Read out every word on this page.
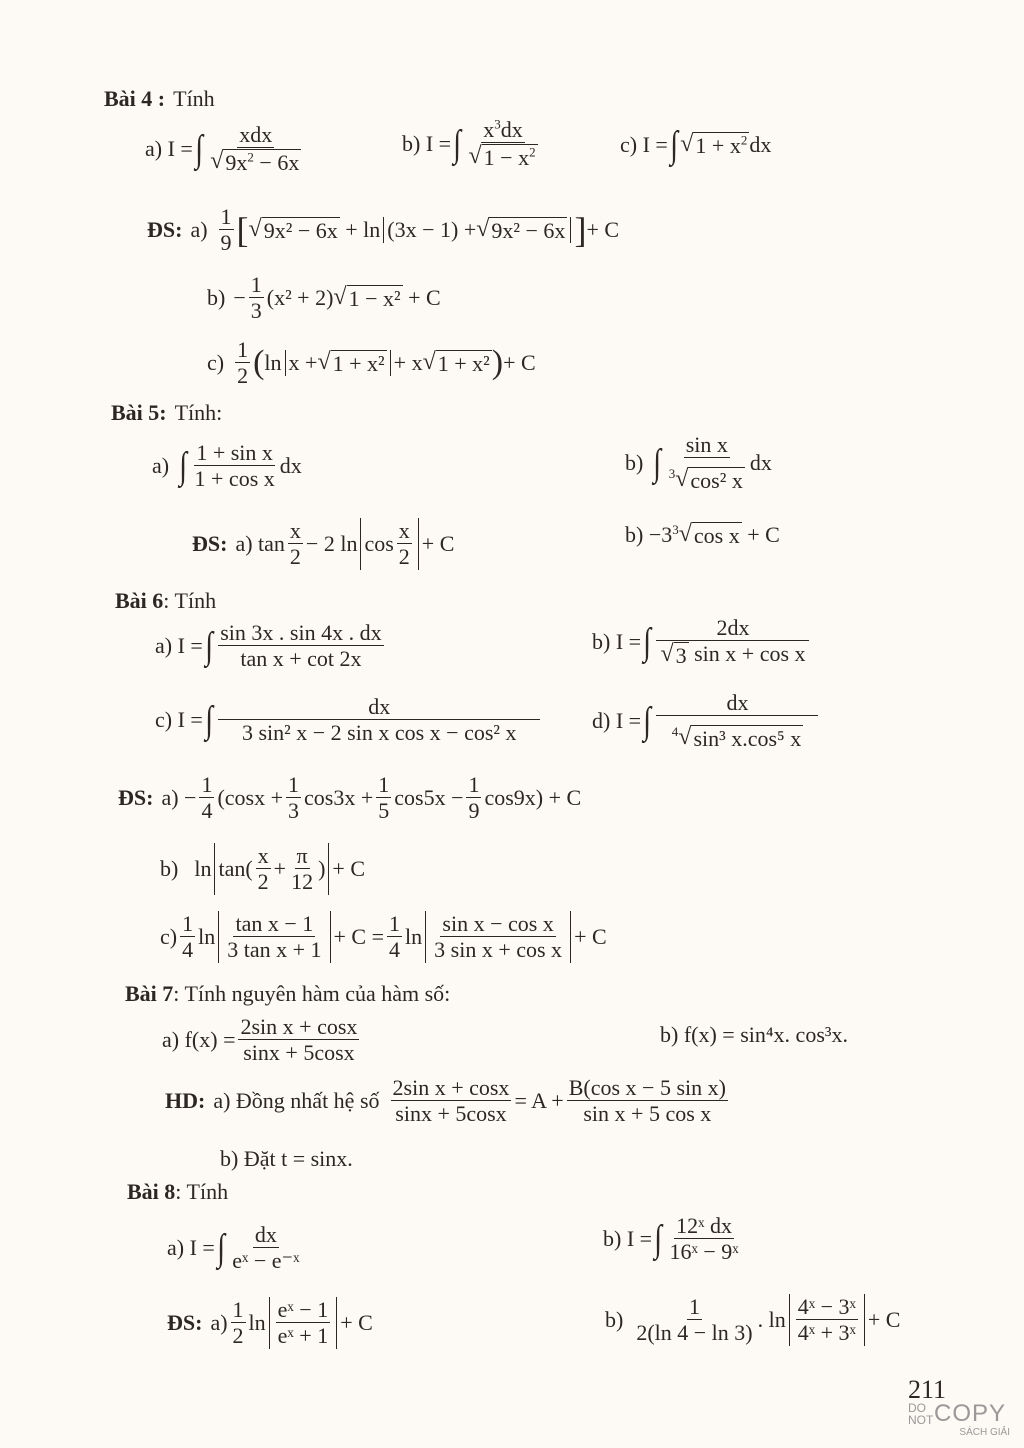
Bài 4 : Tính
a) I = ∫ xdx
√ $9x^2 - 6x$
b) I = ∫ $\frac{x^3dx}{√ 1 - x^2}$	c) I = ∫ √ $1 + x^2$ dx
ĐS: $a) \frac{1}{9}$ [ √ 9x² − 6x + ln (3x − 1) + √ 9x² − 6x ] + C
$b) - \frac{1}{3} (x^2 + 2)$ √ 1 − x²
+ C
$c) \frac{1}{2}$ ( ln x + √ 1 + x² + x √ 1 + x² ) + C
Bài 5: Tính:
a) ∫ $\frac{\text{1 + sin x}}{\text{1 + cos x}}$ dx	b) ∫ $\frac{\text{sin x}}{\text{3 √ cos² x}}$ dx
ĐS: a) $\tan \frac{x}{2} - 2$ $\ln \cos \frac{x}{2} + C$	b) −3 3 √ cos x
+ C
Bài 6 : Tính
a) I = ∫ $\frac{\sin 3x . \sin 4x . dx}{\text{tan x + cot 2x}}$	b) I = ∫ $\frac{2dx}{\text{√ 3 sin x + cos x}}$
c) I = ∫ $\frac{dx}{\text{3 sin² x − 2 sin x cos x − cos² x}} d$) I = ∫ $\frac{dx}{\text{4 √ sin³ x.cos⁵ x}}$
ĐS: $a) - \frac{1}{4} (\cos x + \frac{1}{3} \cos 3x + \frac{1}{5} \cos 5x - \frac{1}{9} \cos 9x) + C$
b) $\ln \tan( \frac{x}{2} + \frac{\pi}{12}$ ) + C
$c) \frac{1}{4}$ $\ln \frac{\text{tan x − 1}}{\text{3 tan x + 1}} + C = \frac{1}{4}$ $\ln \frac{\text{sin x − cos x}}{\text{3 sin x + cos x}} + C$
Bài 7 : Tính nguyên hàm của hàm số:
a) $f(x) = \frac{\text{2sin x + cosx}}{\sin x + 5\cos x}$	b) f(x) = sin⁴x. cos³x.
HD: a) Đồng nhất hệ số $\frac{\text{2sin x + cosx}}{\sin x + 5\cos x} = A + \frac{\text{B(cos x − 5 sin x)}}{\text{sin x + 5 cos x}}$
b) Đặt t = sinx.
Bài 8 : Tính
a) I = ∫ $\frac{dx}{\text{eˣ − e⁻ˣ}}$	b) I = ∫ $\frac{\text{12ˣ dx}}{\text{16ˣ − 9ˣ}}$
ĐS: $a) \frac{1}{2}$ $\ln \frac{\text{eˣ − 1}}{\text{eˣ + 1}} + C$	$b) \frac{1}{2(\ln 4 - \ln 3)}$ . $\ln \frac{\text{4ˣ − 3ˣ}}{\text{4ˣ + 3ˣ}} + C$
211
DO
NOT COPY
SÁCH GIẢI
